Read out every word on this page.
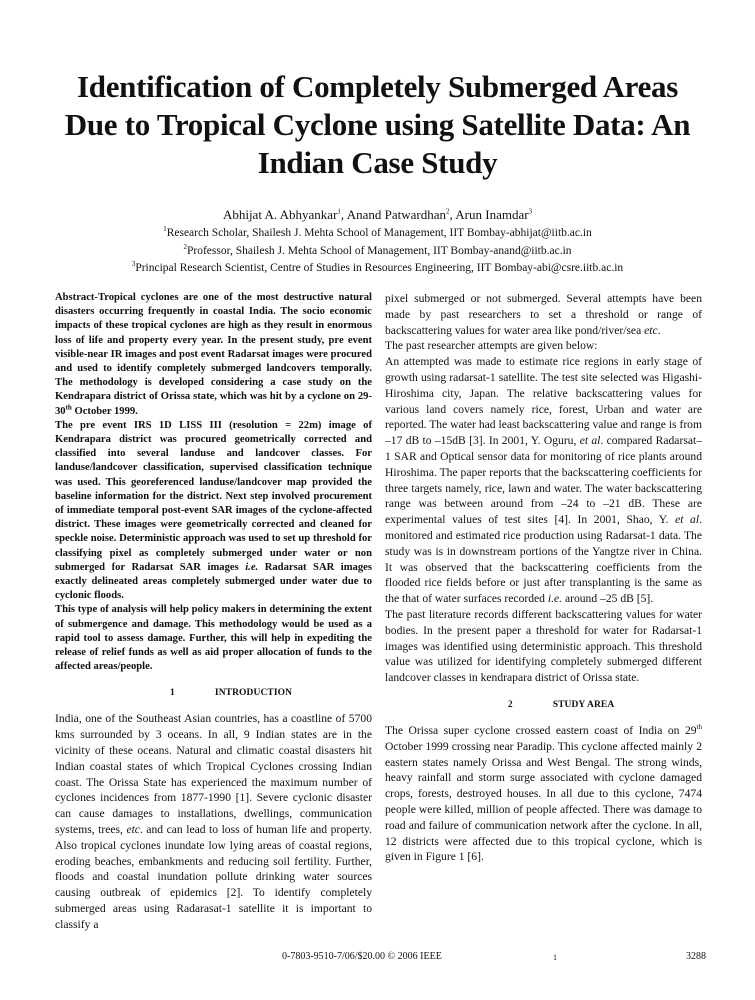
Identification of Completely Submerged Areas
Due to Tropical Cyclone using Satellite Data: An
Indian Case Study
Abhijat A. Abhyankar$^1$, Anand Patwardhan$^2$, Arun Inamdar$^3$
$^1$Research Scholar, Shailesh J. Mehta School of Management, IIT Bombay-abhijat@iitb.ac.in
$^2$Professor, Shailesh J. Mehta School of Management, IIT Bombay-anand@iitb.ac.in
$^3$Principal Research Scientist, Centre of Studies in Resources Engineering, IIT Bombay-abi@csre.iitb.ac.in

Abstract-Tropical cyclones are one of the most destructive natural disasters occurring frequently in coastal India. The socio economic impacts of these tropical cyclones are high as they result in enormous loss of life and property every year. In the present study, pre event visible-near IR images and post event Radarsat images were procured and used to identify completely submerged landcovers temporally. The methodology is developed considering a case study on the Kendrapara district of Orissa state, which was hit by a cyclone on 29-30th October 1999.

The pre event IRS 1D LISS III (resolution = 22m) image of Kendrapara district was procured geometrically corrected and classified into several landuse and landcover classes. For landuse/landcover classification, supervised classification technique was used. This georeferenced landuse/landcover map provided the baseline information for the district. Next step involved procurement of immediate temporal post-event SAR images of the cyclone-affected district. These images were geometrically corrected and cleaned for speckle noise. Deterministic approach was used to set up threshold for classifying pixel as completely submerged under water or non submerged for Radarsat SAR images i.e. Radarsat SAR images exactly delineated areas completely submerged under water due to cyclonic floods.

This type of analysis will help policy makers in determining the extent of submergence and damage. This methodology would be used as a rapid tool to assess damage. Further, this will help in expediting the release of relief funds as well as aid proper allocation of funds to the affected areas/people.

1	INTRODUCTION

India, one of the Southeast Asian countries, has a coastline of 5700 kms surrounded by 3 oceans. In all, 9 Indian states are in the vicinity of these oceans. Natural and climatic coastal disasters hit Indian coastal states of which Tropical Cyclones crossing Indian coast. The Orissa State has experienced the maximum number of cyclones incidences from 1877-1990 [1]. Severe cyclonic disaster can cause damages to installations, dwellings, communication systems, trees, etc. and can lead to loss of human life and property. Also tropical cyclones inundate low lying areas of coastal regions, eroding beaches, embankments and reducing soil fertility. Further, floods and coastal inundation pollute drinking water sources causing outbreak of epidemics [2]. To identify completely submerged areas using Radarasat-1 satellite it is important to classify a

pixel submerged or not submerged. Several attempts have been made by past researchers to set a threshold or range of backscattering values for water area like pond/river/sea etc.

The past researcher attempts are given below:

An attempted was made to estimate rice regions in early stage of growth using radarsat-1 satellite. The test site selected was Higashi-Hiroshima city, Japan. The relative backscattering values for various land covers namely rice, forest, Urban and water are reported. The water had least backscattering value and range is from –17 dB to –15dB [3]. In 2001, Y. Oguru, et al. compared Radarsat–1 SAR and Optical sensor data for monitoring of rice plants around Hiroshima. The paper reports that the backscattering coefficients for three targets namely, rice, lawn and water. The water backscattering range was between around from –24 to –21 dB. These are experimental values of test sites [4]. In 2001, Shao, Y. et al. monitored and estimated rice production using Radarsat-1 data. The study was is in downstream portions of the Yangtze river in China. It was observed that the backscattering coefficients from the flooded rice fields before or just after transplanting is the same as the that of water surfaces recorded i.e. around –25 dB [5].

The past literature records different backscattering values for water bodies. In the present paper a threshold for water for Radarsat-1 images was identified using deterministic approach. This threshold value was utilized for identifying completely submerged different landcover classes in kendrapara district of Orissa state.

2	STUDY AREA

The Orissa super cyclone crossed eastern coast of India on 29th October 1999 crossing near Paradip. This cyclone affected mainly 2 eastern states namely Orissa and West Bengal. The strong winds, heavy rainfall and storm surge associated with cyclone damaged crops, forests, destroyed houses. In all due to this cyclone, 7474 people were killed, million of people affected. There was damage to road and failure of communication network after the cyclone. In all, 12 districts were affected due to this tropical cyclone, which is given in Figure 1 [6].

0-7803-9510-7/06/$20.00 © 2006 IEEE	1	3288
